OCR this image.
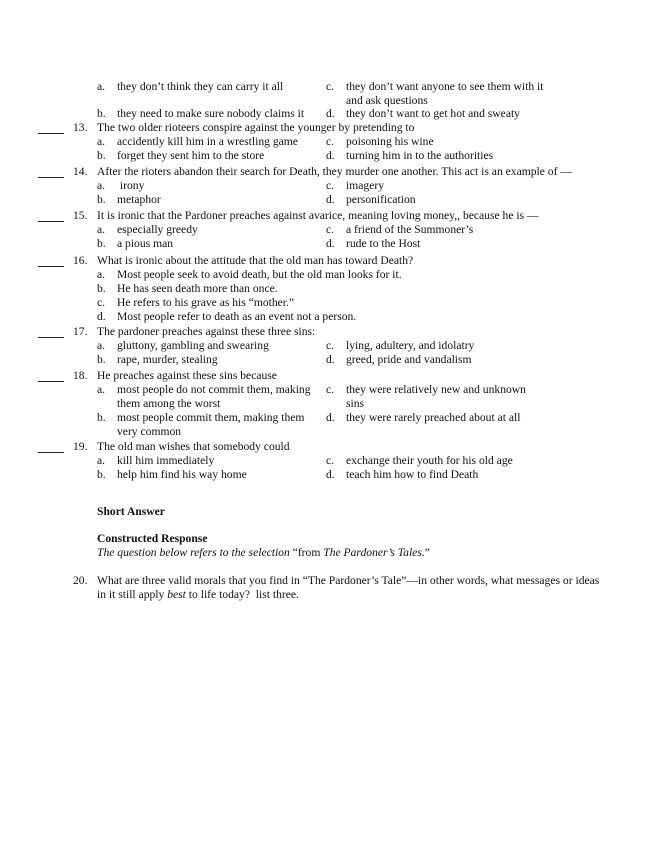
a. they don’t think they can carry it all	c. they don’t want anyone to see them with it
and ask questions
b. they need to make sure nobody claims it d. they don’t want to get hot and sweaty
13. The two older rioteers conspire against the younger by pretending to
a. accidently kill him in a wrestling game c. poisoning his wine
b. forget they sent him to the store	d. turning him in to the authorities
14. After the rioters abandon their search for Death, they murder one another. This act is an example of —
a. irony	c. imagery
b. metaphor	d. personification
15. It is ironic that the Pardoner preaches against avarice, meaning loving money,, because he is —
a. especially greedy	c. a friend of the Summoner’s
b. a pious man	d. rude to the Host
16. What is ironic about the attitude that the old man has toward Death?
a. Most people seek to avoid death, but the old man looks for it.
b. He has seen death more than once.
c. He refers to his grave as his “mother.”
d. Most people refer to death as an event not a person.
17. The pardoner preaches against these three sins:
a. gluttony, gambling and swearing	c. lying, adultery, and idolatry
b. rape, murder, stealing	d. greed, pride and vandalism
18. He preaches against these sins because
a. most people do not commit them, making
them among the worst
c. they were relatively new and unknown
sins
b. most people commit them, making them
very common
d. they were rarely preached about at all
19. The old man wishes that somebody could
a. kill him immediately	c. exchange their youth for his old age
b. help him find his way home	d. teach him how to find Death
Short Answer
Constructed Response
The question below refers to the selection “from The Pardoner’s Tales.”
20. What are three valid morals that you find in “The Pardoner’s Tale”—in other words, what messages or ideas
in it still apply best to life today?  list three.
